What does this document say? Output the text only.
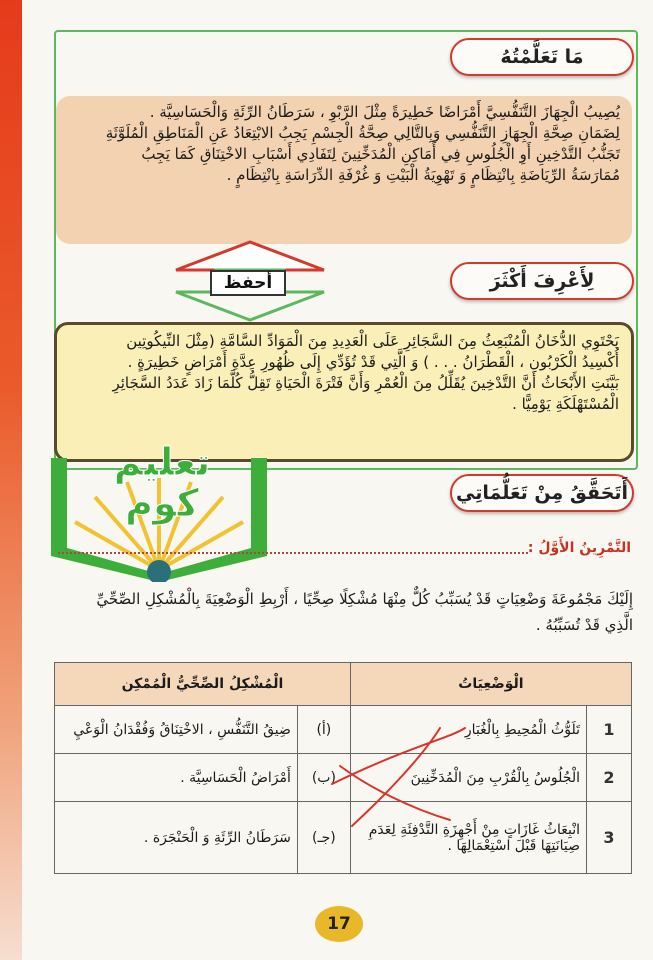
مَا تَعَلَّمْتُهُ

يُصِيبُ الْجِهَازَ التَّنَفُّسِيَّ أَمْرَاضًا خَطِيرَةً مِثْلَ الرَّبْوِ ، سَرَطَانُ الرِّئَةِ وَالْحَسَاسِيَّة .

لِضَمَانِ صِحَّةِ الْجِهَازِ التَّنَفُّسِي وَبِالتَّالِي صِحَّةُ الْجِسْمِ يَجِبُ الابْتِعَادُ عَنِ الْمَنَاطِقِ الْمُلَوَّثَةِ

تَجَنُّبُ التَّدْخِينِ أَوِ الْجُلُوسِ فِي أَمَاكِنِ الْمُدَخِّنِينَ لِتَفَادِي أَسْبَابِ الاخْتِنَاقِ كَمَا يَجِبُ

مُمَارَسَةُ الرِّيَاضَةِ بِانْتِظَامٍ وَ تَهْوِيَةُ الْبَيْتِ وَ غُرْفَةِ الدِّرَاسَةِ بِانْتِظَامٍ .

أحفظ	لِأَعْرِفَ أَكْثَرَ

يَحْتَوِي الدُّخَانُ الْمُنْبَعِثُ مِنَ السَّجَائِرِ عَلَى الْعَدِيدِ مِنَ الْمَوَادِّ السَّامَّةِ (مِثْلَ النِّيكُوتِين

أُكْسِيدُ الْكَرْبُونِ ، الْقَطْرَانُ . . . ) وَ الَّتِي قَدْ تُؤَدِّي إِلَى ظُهُورِ عِدَّةِ أَمْرَاضٍ خَطِيرَةٍ .

بَيَّنَتِ الأَبْحَاثُ أَنَّ التَّدْخِينَ يُقَلِّلُ مِنَ الْعُمْرِ وَأَنَّ فَتْرَةَ الْحَيَاةِ تَقِلُّ كُلَّمَا زَادَ عَدَدُ السَّجَائِرِ

الْمُسْتَهْلَكَةِ يَوْمِيًّا .

تعليم
كوم	أَتَحَقَّقُ مِنْ تَعَلُّمَاتِي
التَّمْرِينُ الأَوَّلُ :

إِلَيْكَ مَجْمُوعَةَ وَضْعِيَاتٍ قَدْ يُسَبِّبُ كُلٌّ مِنْهَا مُشْكِلًا صِحِّيًا ، أَرْبِطِ الْوَضْعِيَةَ بِالْمُشْكِلِ الصِّحِّيِّ

الَّذِي قَدْ تُسَبِّبُهُ .

الْوَضْعِيَاتُ		الْمُشْكِلُ الصِّحِّيُّ الْمُمْكِن	
1	تَلَوُّثُ الْمُحِيطِ بِالْغُبَارِ	(أ)	ضِيقُ التَّنَفُّسِ ، الاخْتِنَاقُ وَفُقْدَانُ الْوَعْيِ
2	الْجُلُوسُ بِالْقُرْبِ مِنَ الْمُدَخِّنِينَ	(ب)	أَمْرَاضُ الْحَسَاسِيَّة .
3	انْبِعَاثُ غَازَاتٍ مِنْ أَجْهِزَةِ التَّدْفِئَةِ لِعَدَمِ
صِيَانَتِهَا قَبْلَ اسْتِعْمَالِهَا .	(جـ)	سَرَطَانُ الرِّئَةِ وَ الْحَنْجَرَة .
17
